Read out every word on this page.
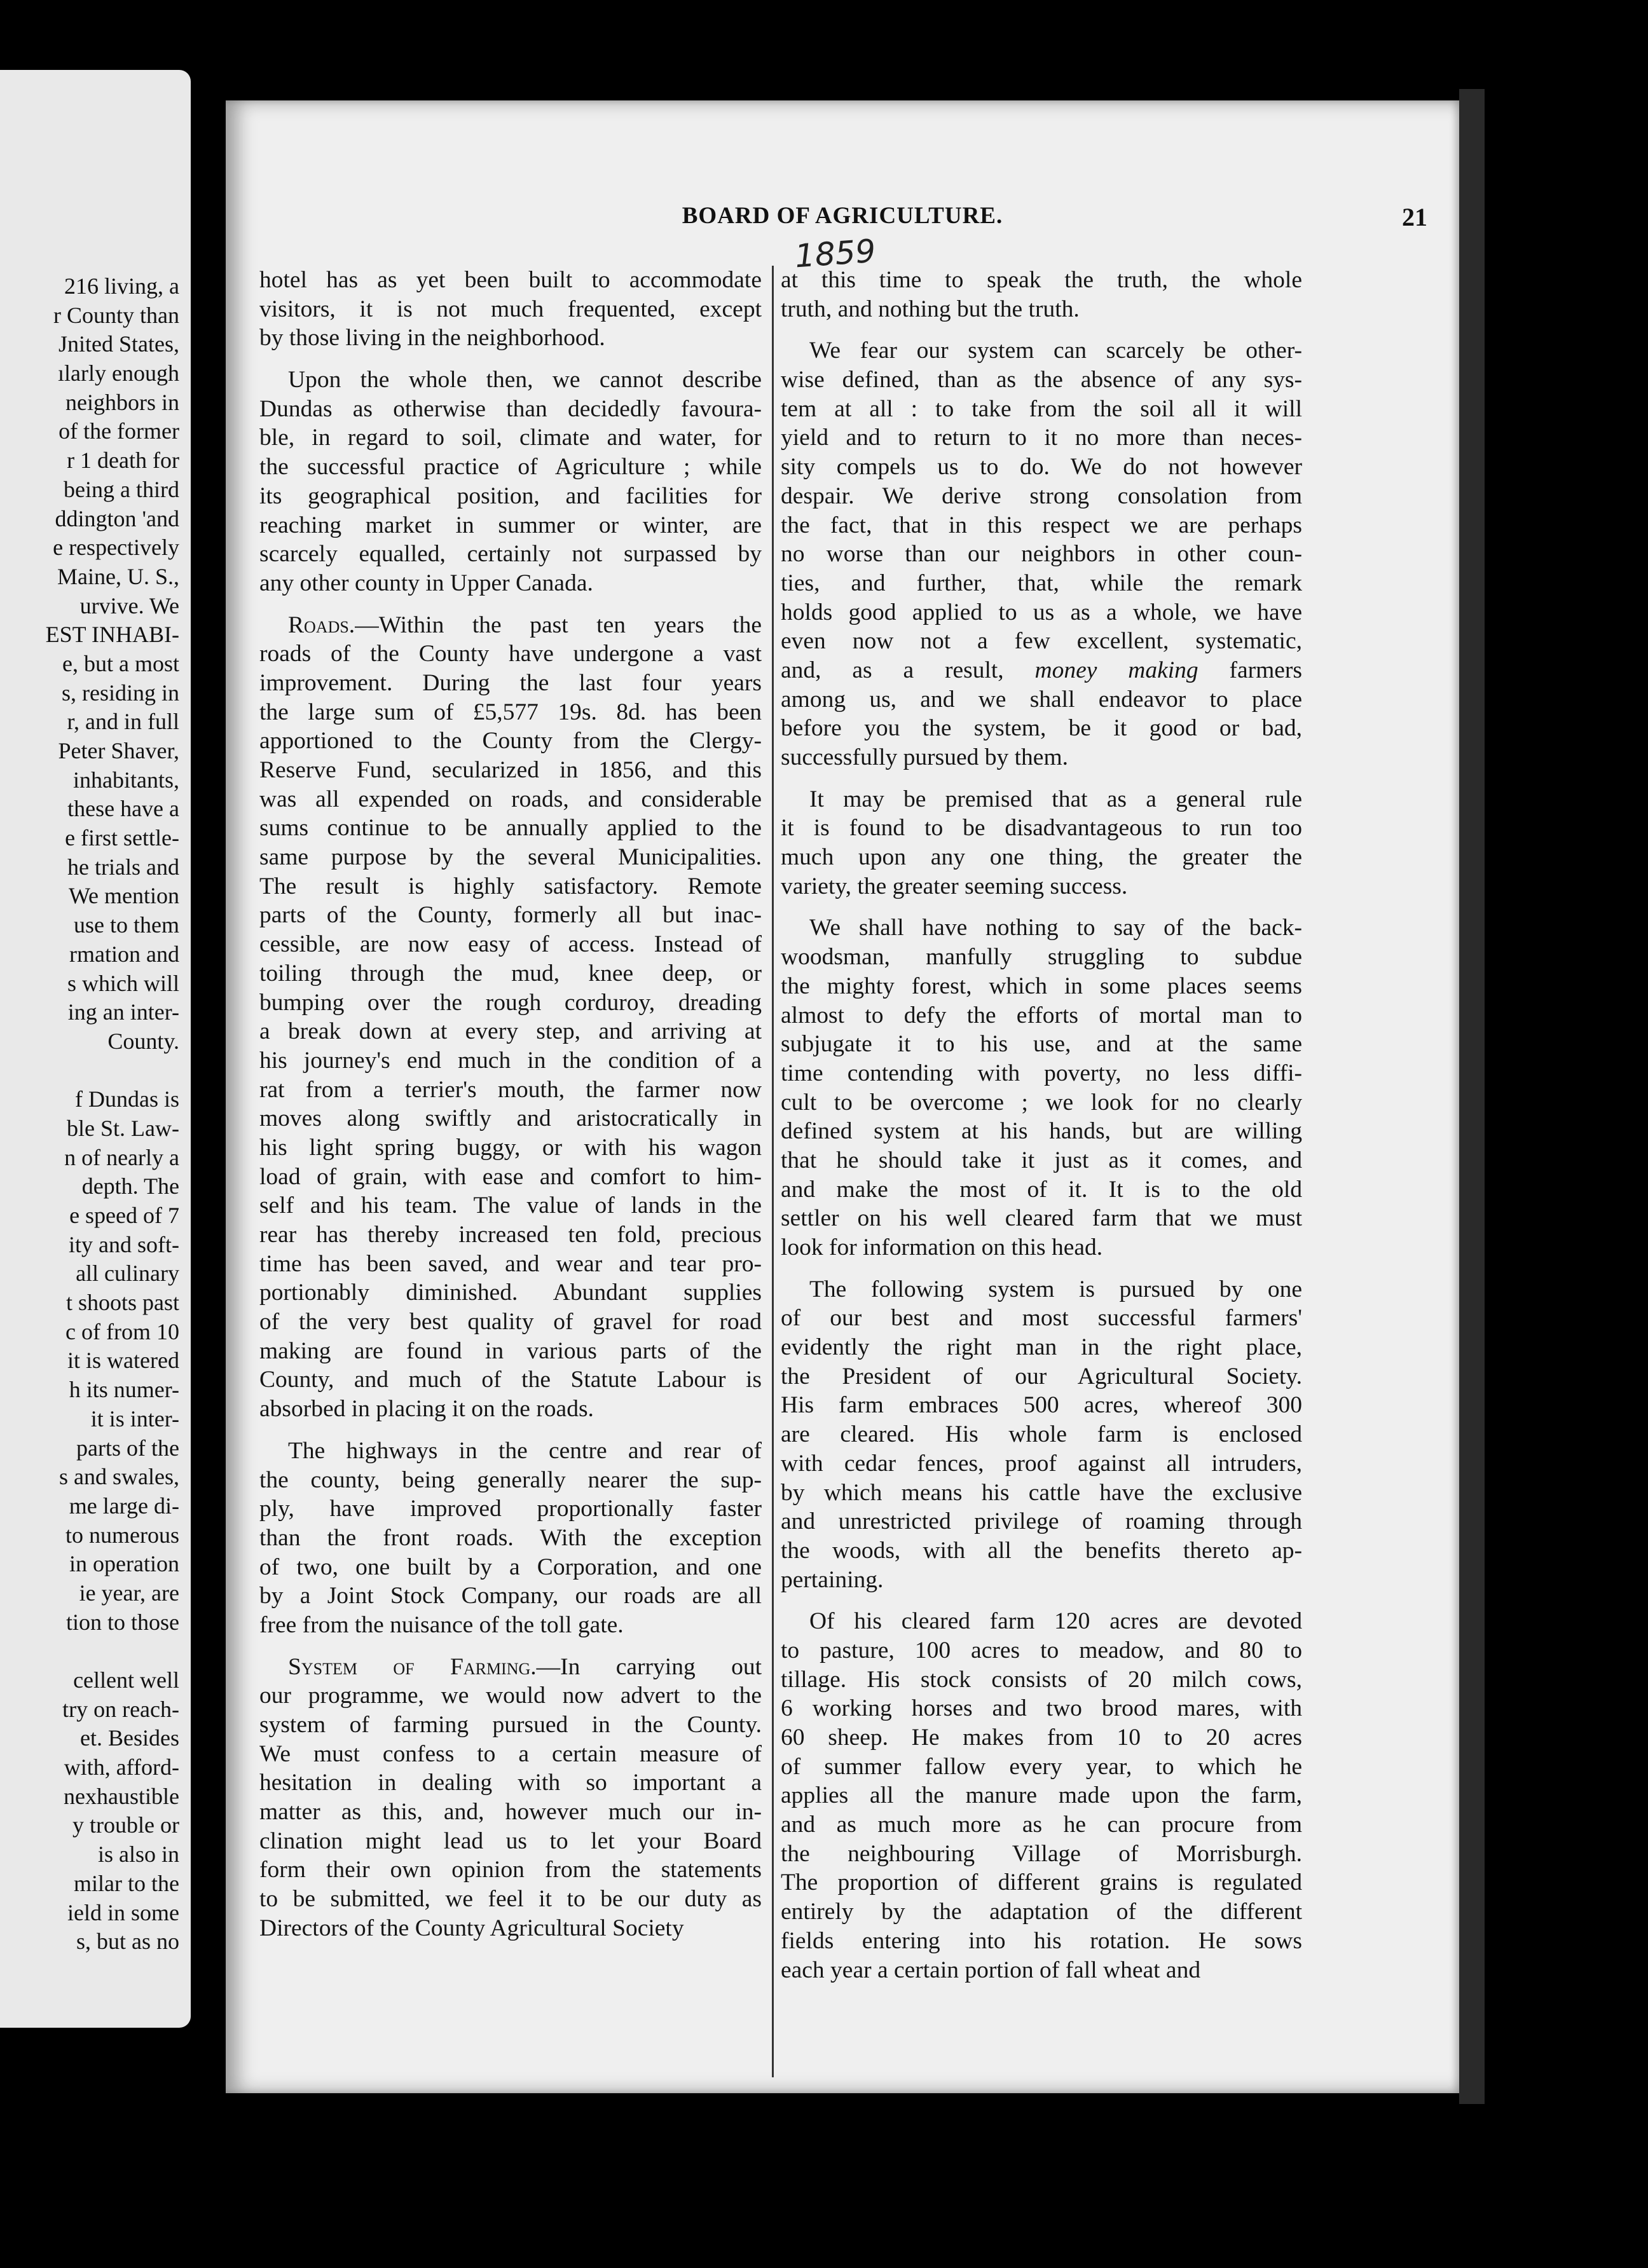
216 living, a
r County than
Jnited States,
ılarly enough
neighbors in
of the former
r 1 death for
being a third
ddington 'and
e respectively
Maine, U. S.,
urvive. We
EST INHABI-
e, but a most
s, residing in
r, and in full
Peter Shaver,
inhabitants,
these have a
e first settle-
he trials and
We mention
use to them
rmation and
s which will
ing an inter-
County.
f Dundas is
ble St. Law-
n of nearly a
depth. The
e speed of 7
ity and soft-
all culinary
t shoots past
c of from 10
it is watered
h its numer-
it is inter-
parts of the
s and swales,
me large di-
to numerous
in operation
ie year, are
tion to those
cellent well
try on reach-
et. Besides
with, afford-
nexhaustible
y trouble or
is also in
milar to the
ield in some
s, but as no
BOARD OF AGRICULTURE.	21
1859

hotel has as yet been built to accommodate
visitors, it is not much frequented, except
by those living in the neighborhood.

Upon the whole then, we cannot describe
Dundas as otherwise than decidedly favoura-
ble, in regard to soil, climate and water, for
the successful practice of Agriculture ; while
its geographical position, and facilities for
reaching market in summer or winter, are
scarcely equalled, certainly not surpassed by
any other county in Upper Canada.

Roads.—Within the past ten years the
roads of the County have undergone a vast
improvement. During the last four years
the large sum of £5,577 19s. 8d. has been
apportioned to the County from the Clergy-
Reserve Fund, secularized in 1856, and this
was all expended on roads, and considerable
sums continue to be annually applied to the
same purpose by the several Municipalities.
The result is highly satisfactory. Remote
parts of the County, formerly all but inac-
cessible, are now easy of access. Instead of
toiling through the mud, knee deep, or
bumping over the rough corduroy, dreading
a break down at every step, and arriving at
his journey's end much in the condition of a
rat from a terrier's mouth, the farmer now
moves along swiftly and aristocratically in
his light spring buggy, or with his wagon
load of grain, with ease and comfort to him-
self and his team. The value of lands in the
rear has thereby increased ten fold, precious
time has been saved, and wear and tear pro-
portionably diminished. Abundant supplies
of the very best quality of gravel for road
making are found in various parts of the
County, and much of the Statute Labour is
absorbed in placing it on the roads.

The highways in the centre and rear of
the county, being generally nearer the sup-
ply, have improved proportionally faster
than the front roads. With the exception
of two, one built by a Corporation, and one
by a Joint Stock Company, our roads are all
free from the nuisance of the toll gate.

System of Farming.—In carrying out
our programme, we would now advert to the
system of farming pursued in the County.
We must confess to a certain measure of
hesitation in dealing with so important a
matter as this, and, however much our in-
clination might lead us to let your Board
form their own opinion from the statements
to be submitted, we feel it to be our duty as
Directors of the County Agricultural Society

at this time to speak the truth, the whole
truth, and nothing but the truth.

We fear our system can scarcely be other-
wise defined, than as the absence of any sys-
tem at all : to take from the soil all it will
yield and to return to it no more than neces-
sity compels us to do. We do not however
despair. We derive strong consolation from
the fact, that in this respect we are perhaps
no worse than our neighbors in other coun-
ties, and further, that, while the remark
holds good applied to us as a whole, we have
even now not a few excellent, systematic,
and, as a result, money making farmers
among us, and we shall endeavor to place
before you the system, be it good or bad,
successfully pursued by them.

It may be premised that as a general rule
it is found to be disadvantageous to run too
much upon any one thing, the greater the
variety, the greater seeming success.

We shall have nothing to say of the back-
woodsman, manfully struggling to subdue
the mighty forest, which in some places seems
almost to defy the efforts of mortal man to
subjugate it to his use, and at the same
time contending with poverty, no less diffi-
cult to be overcome ; we look for no clearly
defined system at his hands, but are willing
that he should take it just as it comes, and
and make the most of it. It is to the old
settler on his well cleared farm that we must
look for information on this head.

The following system is pursued by one
of our best and most successful farmers'
evidently the right man in the right place,
the President of our Agricultural Society.
His farm embraces 500 acres, whereof 300
are cleared. His whole farm is enclosed
with cedar fences, proof against all intruders,
by which means his cattle have the exclusive
and unrestricted privilege of roaming through
the woods, with all the benefits thereto ap-
pertaining.

Of his cleared farm 120 acres are devoted
to pasture, 100 acres to meadow, and 80 to
tillage. His stock consists of 20 milch cows,
6 working horses and two brood mares, with
60 sheep. He makes from 10 to 20 acres
of summer fallow every year, to which he
applies all the manure made upon the farm,
and as much more as he can procure from
the neighbouring Village of Morrisburgh.
The proportion of different grains is regulated
entirely by the adaptation of the different
fields entering into his rotation. He sows
each year a certain portion of fall wheat and
